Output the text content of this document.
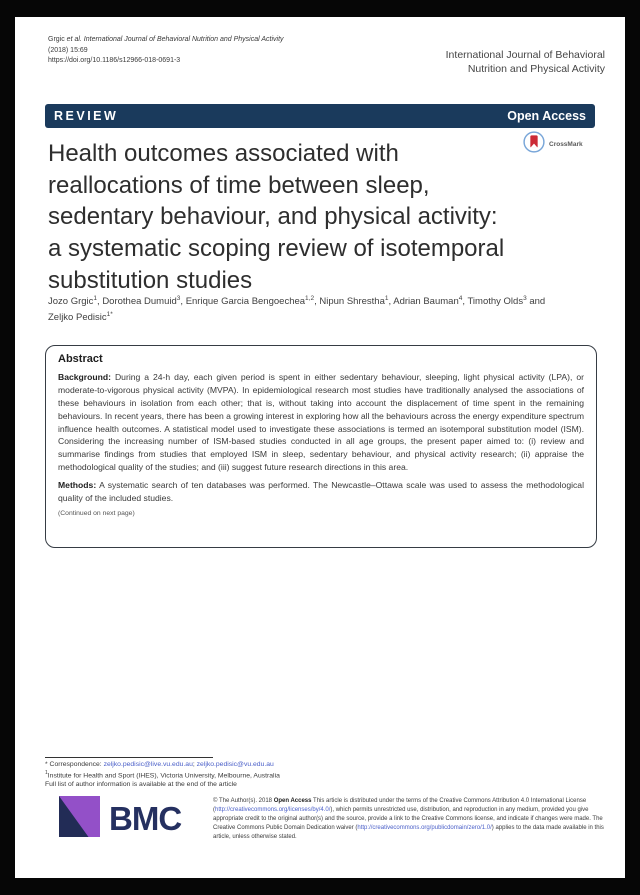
Grgic et al. International Journal of Behavioral Nutrition and Physical Activity
(2018) 15:69
https://doi.org/10.1186/s12966-018-0691-3	International Journal of Behavioral
Nutrition and Physical Activity
REVIEW	Open Access
CrossMark
Health outcomes associated with reallocations of time between sleep, sedentary behaviour, and physical activity: a systematic scoping review of isotemporal substitution studies
Jozo Grgic$^1$, Dorothea Dumuid$^3$, Enrique Garcia Bengoechea$^{1,2}$, Nipun Shrestha$^1$, Adrian Bauman$^4$, Timothy Olds$^3$ and Zeljko Pedisic$^{1*}$
Abstract

Background: During a 24-h day, each given period is spent in either sedentary behaviour, sleeping, light physical activity (LPA), or moderate-to-vigorous physical activity (MVPA). In epidemiological research most studies have traditionally analysed the associations of these behaviours in isolation from each other; that is, without taking into account the displacement of time spent in the remaining behaviours. In recent years, there has been a growing interest in exploring how all the behaviours across the energy expenditure spectrum influence health outcomes. A statistical model used to investigate these associations is termed an isotemporal substitution model (ISM). Considering the increasing number of ISM-based studies conducted in all age groups, the present paper aimed to: (i) review and summarise findings from studies that employed ISM in sleep, sedentary behaviour, and physical activity research; (ii) appraise the methodological quality of the studies; and (iii) suggest future research directions in this area.

Methods: A systematic search of ten databases was performed. The Newcastle–Ottawa scale was used to assess the methodological quality of the included studies.

(Continued on next page)
* Correspondence: zeljko.pedisic@live.vu.edu.au; zeljko.pedisic@vu.edu.au
$^1$Institute for Health and Sport (IHES), Victoria University, Melbourne, Australia
Full list of author information is available at the end of the article
BMC	© The Author(s). 2018 Open Access This article is distributed under the terms of the Creative Commons Attribution 4.0 International License (http://creativecommons.org/licenses/by/4.0/), which permits unrestricted use, distribution, and reproduction in any medium, provided you give appropriate credit to the original author(s) and the source, provide a link to the Creative Commons license, and indicate if changes were made. The Creative Commons Public Domain Dedication waiver (http://creativecommons.org/publicdomain/zero/1.0/) applies to the data made available in this article, unless otherwise stated.
